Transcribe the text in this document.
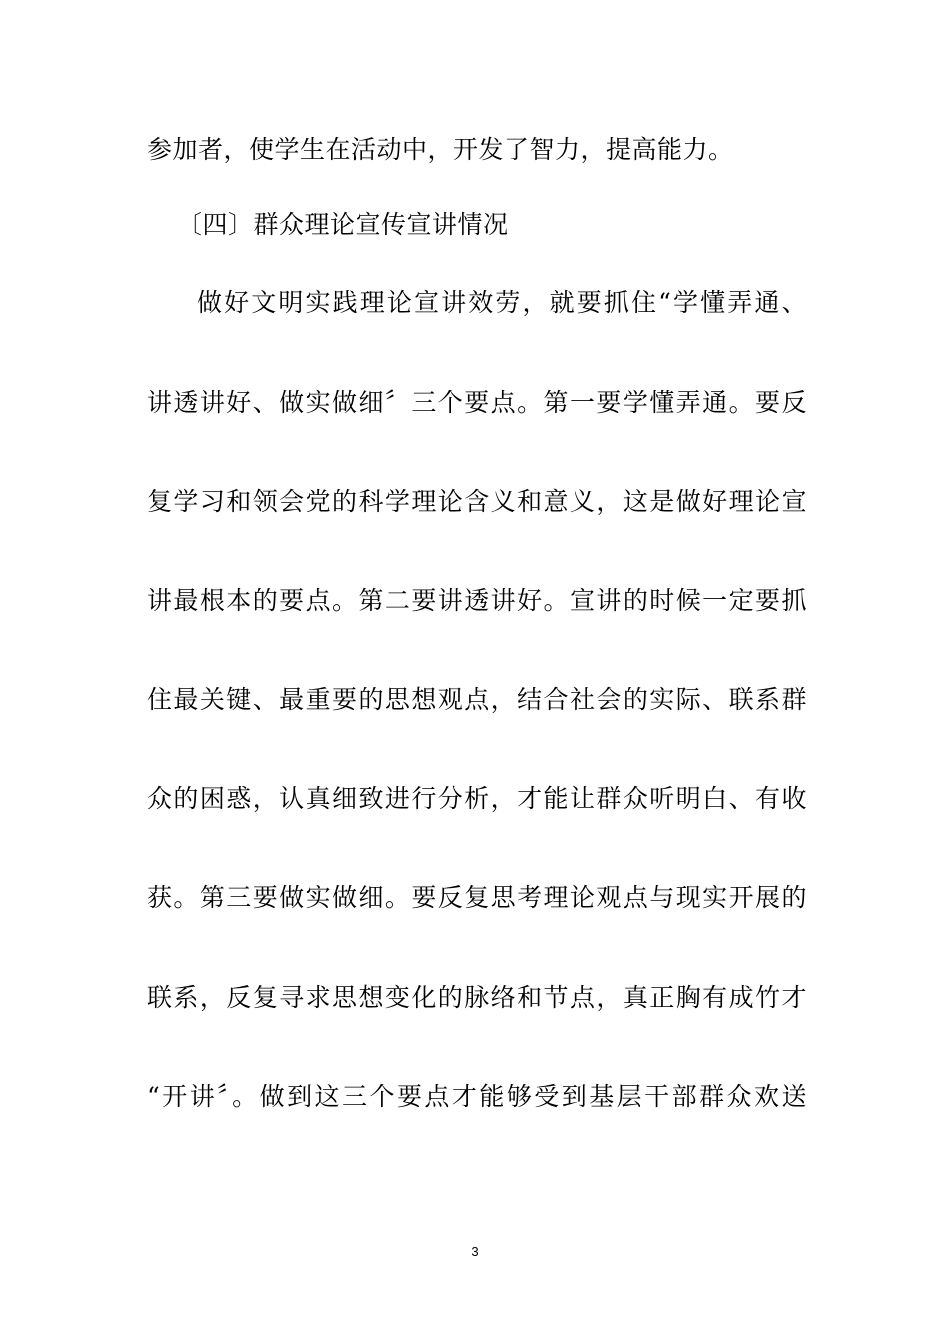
参加者，使学生在活动中，开发了智力，提高能力。
〔四〕群众理论宣传宣讲情况
做好文明实践理论宣讲效劳，就要抓住“学懂弄通、
讲透讲好、做实做细〞三个要点。第一要学懂弄通。要反
复学习和领会党的科学理论含义和意义，这是做好理论宣
讲最根本的要点。第二要讲透讲好。宣讲的时候一定要抓
住最关键、最重要的思想观点，结合社会的实际、联系群
众的困惑，认真细致进行分析，才能让群众听明白、有收
获。第三要做实做细。要反复思考理论观点与现实开展的
联系，反复寻求思想变化的脉络和节点，真正胸有成竹才
“开讲〞。做到这三个要点才能够受到基层干部群众欢送
3
